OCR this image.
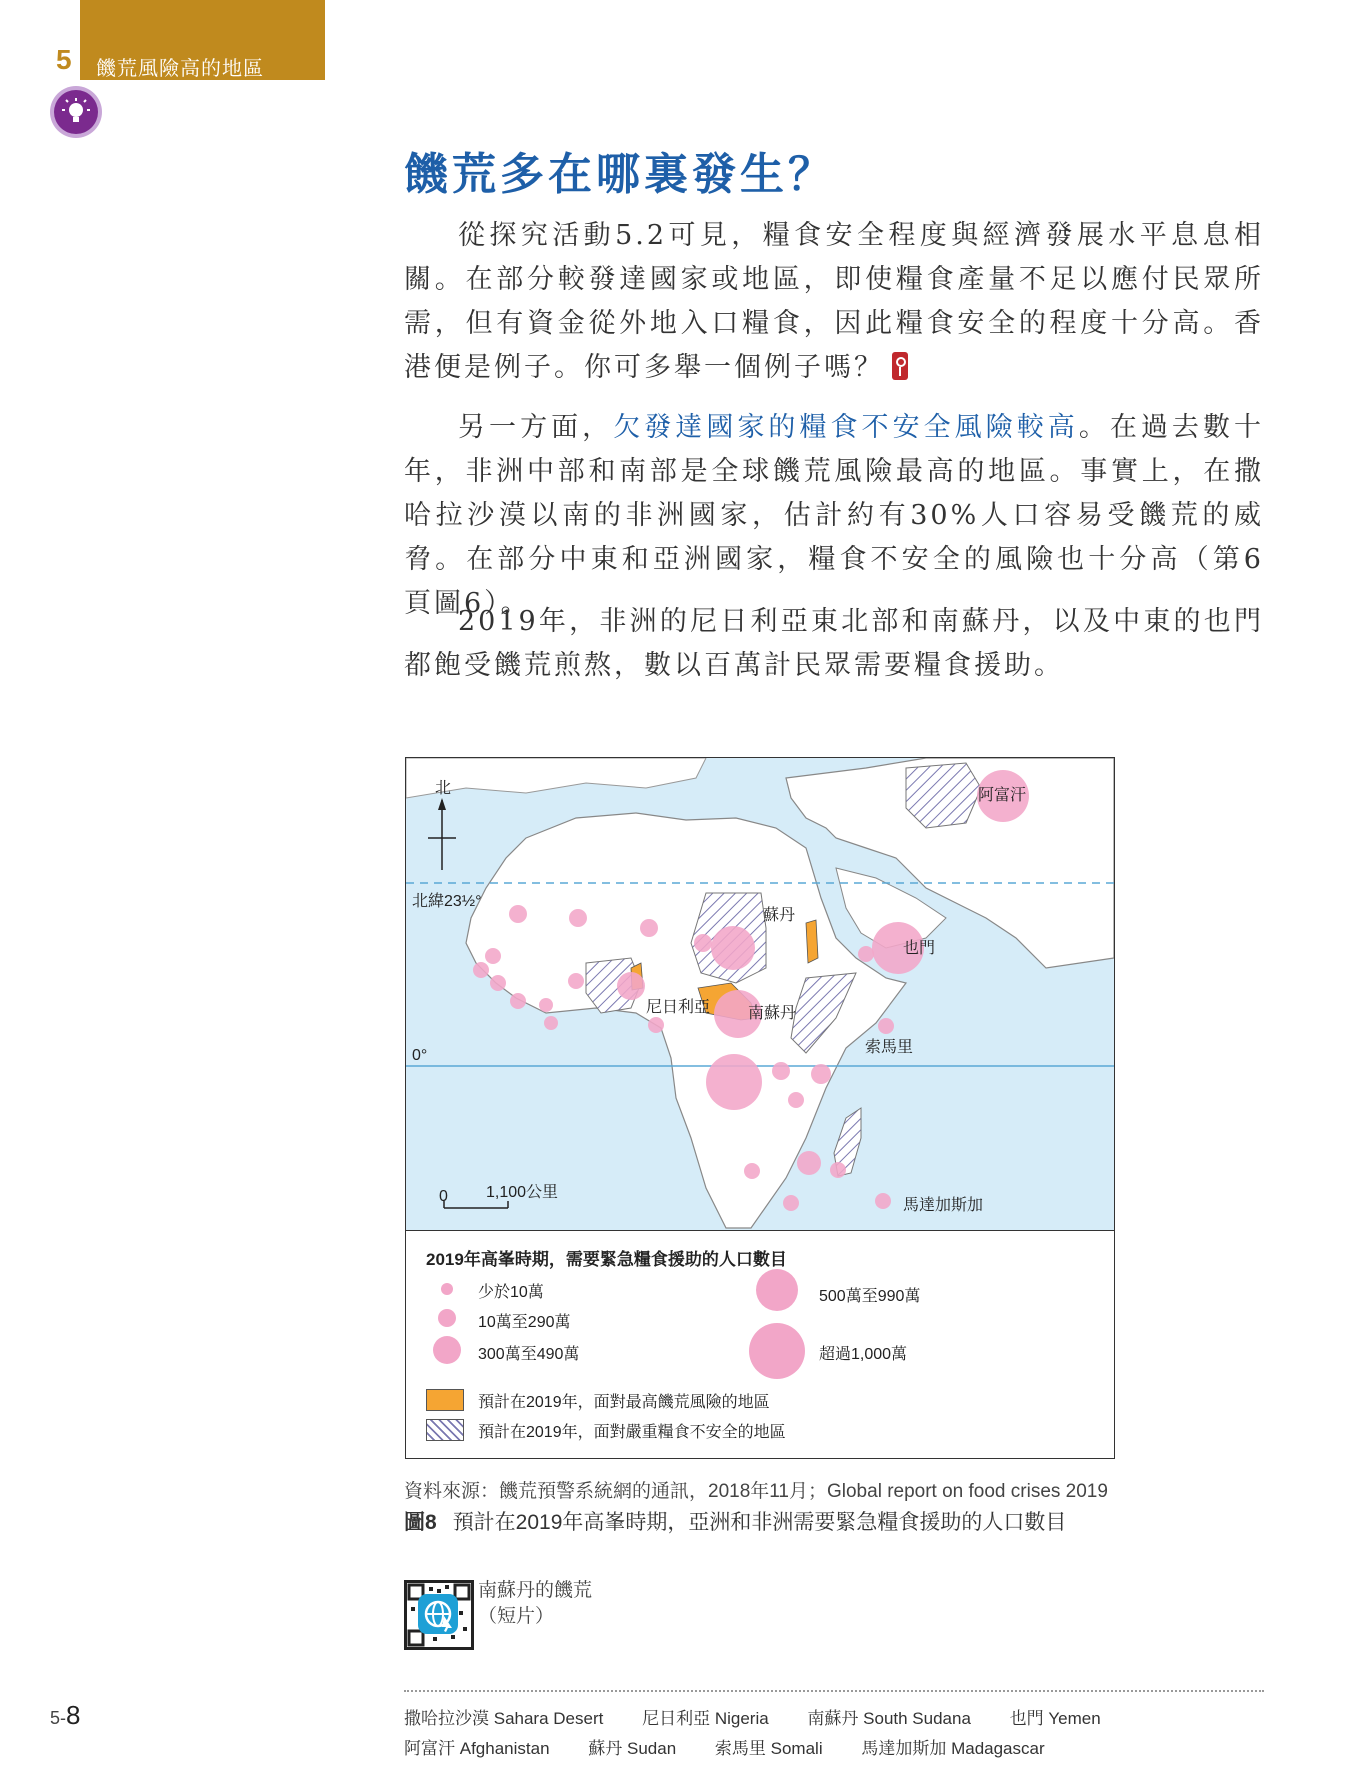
5 饑荒風險高的地區
饑荒多在哪裏發生？

從探究活動5.2可見，糧食安全程度與經濟發展水平息息相關。在部分較發達國家或地區，即使糧食產量不足以應付民眾所需，但有資金從外地入口糧食，因此糧食安全的程度十分高。香港便是例子。你可多舉一個例子嗎？

另一方面，欠發達國家的糧食不安全風險較高。在過去數十年，非洲中部和南部是全球饑荒風險最高的地區。事實上，在撒哈拉沙漠以南的非洲國家，估計約有30%人口容易受饑荒的威脅。在部分中東和亞洲國家，糧食不安全的風險也十分高（第6頁圖6）。

2019年，非洲的尼日利亞東北部和南蘇丹，以及中東的也門都飽受饑荒煎熬，數以百萬計民眾需要糧食援助。

北
北緯23½°
0°
0 1,100公里
阿富汗
蘇丹
也門
尼日利亞 南蘇丹
索馬里
馬達加斯加
2019年高峯時期，需要緊急糧食援助的人口數目
少於10萬
10萬至290萬
300萬至490萬
500萬至990萬
超過1,000萬
預計在2019年，面對最高饑荒風險的地區
預計在2019年，面對嚴重糧食不安全的地區
資料來源：饑荒預警系統網的通訊，2018年11月；Global report on food crises 2019
圖8 預計在2019年高峯時期，亞洲和非洲需要緊急糧食援助的人口數目
南蘇丹的饑荒
（短片）
5-8	撒哈拉沙漠 Sahara Desert 尼日利亞 Nigeria 南蘇丹 South Sudana 也門 Yemen
阿富汗 Afghanistan 蘇丹 Sudan 索馬里 Somali 馬達加斯加 Madagascar
